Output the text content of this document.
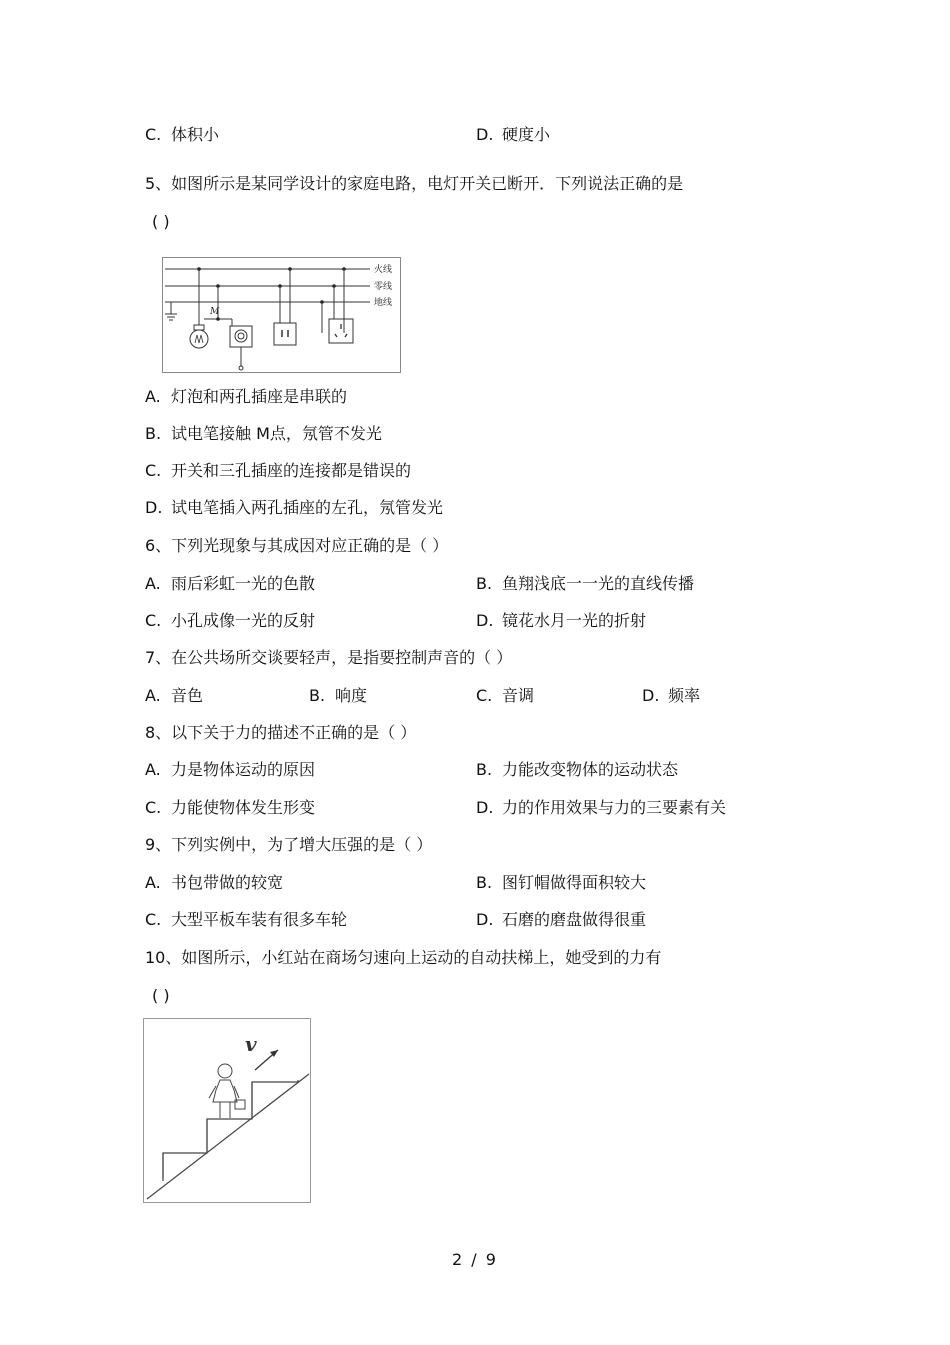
C. 体积小	D. 硬度小
5、如图所示是某同学设计的家庭电路，电灯开关已断开．下列说法正确的是
( )
火线
零线
地线
M
A. 灯泡和两孔插座是串联的
B. 试电笔接触 M点，氖管不发光
C. 开关和三孔插座的连接都是错误的
D. 试电笔插入两孔插座的左孔，氖管发光
6、下列光现象与其成因对应正确的是（ ）
A. 雨后彩虹一光的色散	B. 鱼翔浅底一一光的直线传播
C. 小孔成像一光的反射	D. 镜花水月一光的折射
7、在公共场所交谈要轻声，是指要控制声音的（ ）
A. 音色	B. 响度	C. 音调	D. 频率
8、以下关于力的描述不正确的是（ ）
A. 力是物体运动的原因	B. 力能改变物体的运动状态
C. 力能使物体发生形变	D. 力的作用效果与力的三要素有关
9、下列实例中，为了增大压强的是（ ）
A. 书包带做的较宽	B. 图钉帽做得面积较大
C. 大型平板车装有很多车轮	D. 石磨的磨盘做得很重
10、如图所示，小红站在商场匀速向上运动的自动扶梯上，她受到的力有
( )
v
2 / 9
